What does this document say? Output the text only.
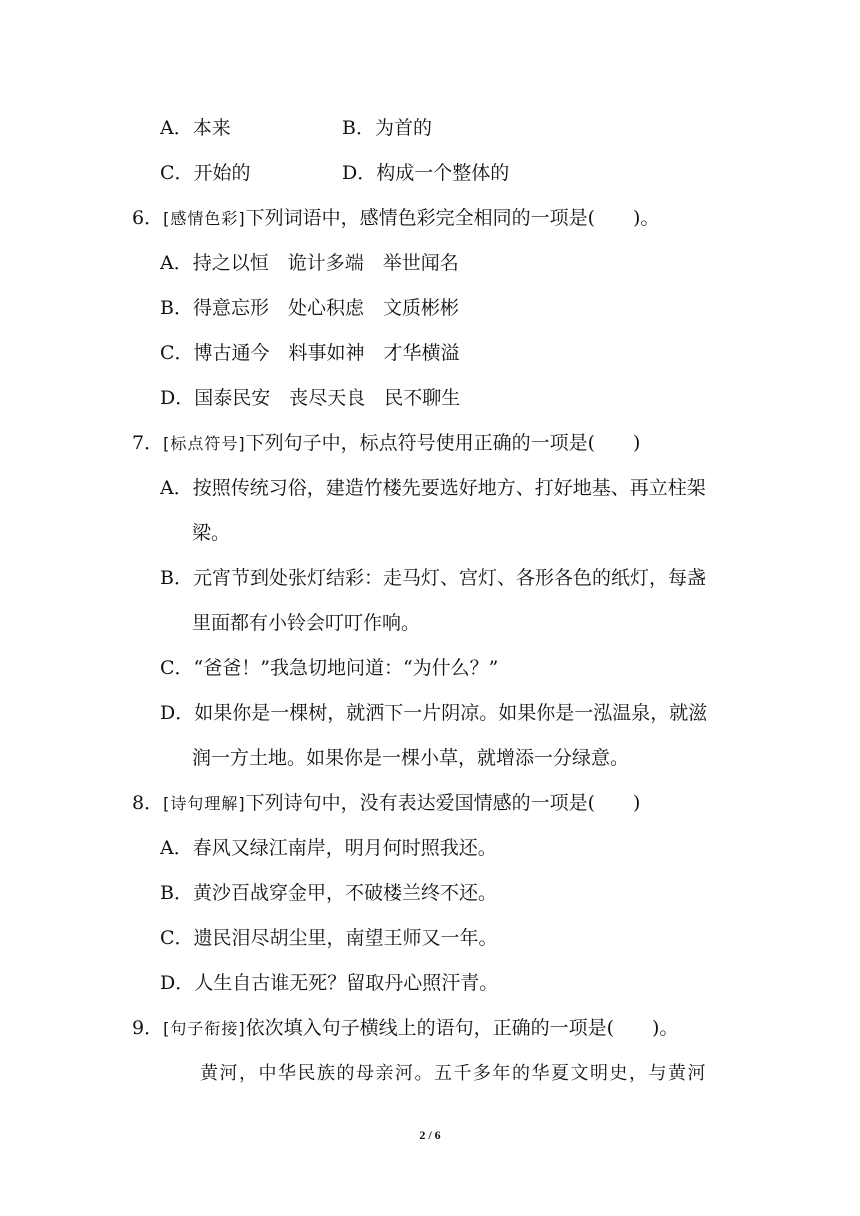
A．本来	B．为首的
C．开始的	D．构成一个整体的
6．[感情色彩]下列词语中，感情色彩完全相同的一项是(　　)。
A．持之以恒　诡计多端　举世闻名
B．得意忘形　处心积虑　文质彬彬
C．博古通今　料事如神　才华横溢
D．国泰民安　丧尽天良　民不聊生
7．[标点符号]下列句子中，标点符号使用正确的一项是(　　)
A．按照传统习俗，建造竹楼先要选好地方、打好地基、再立柱架
梁。
B．元宵节到处张灯结彩：走马灯、宫灯、各形各色的纸灯，每盏
里面都有小铃会叮叮作响。
C．“爸爸！”我急切地问道：“为什么？”
D．如果你是一棵树，就洒下一片阴凉。如果你是一泓温泉，就滋
润一方土地。如果你是一棵小草，就增添一分绿意。
8．[诗句理解]下列诗句中，没有表达爱国情感的一项是(　　)
A．春风又绿江南岸，明月何时照我还。
B．黄沙百战穿金甲，不破楼兰终不还。
C．遗民泪尽胡尘里，南望王师又一年。
D．人生自古谁无死？留取丹心照汗青。
9．[句子衔接]依次填入句子横线上的语句，正确的一项是(　　)。
黄河，中华民族的母亲河。五千多年的华夏文明史，与黄河
2 / 6
